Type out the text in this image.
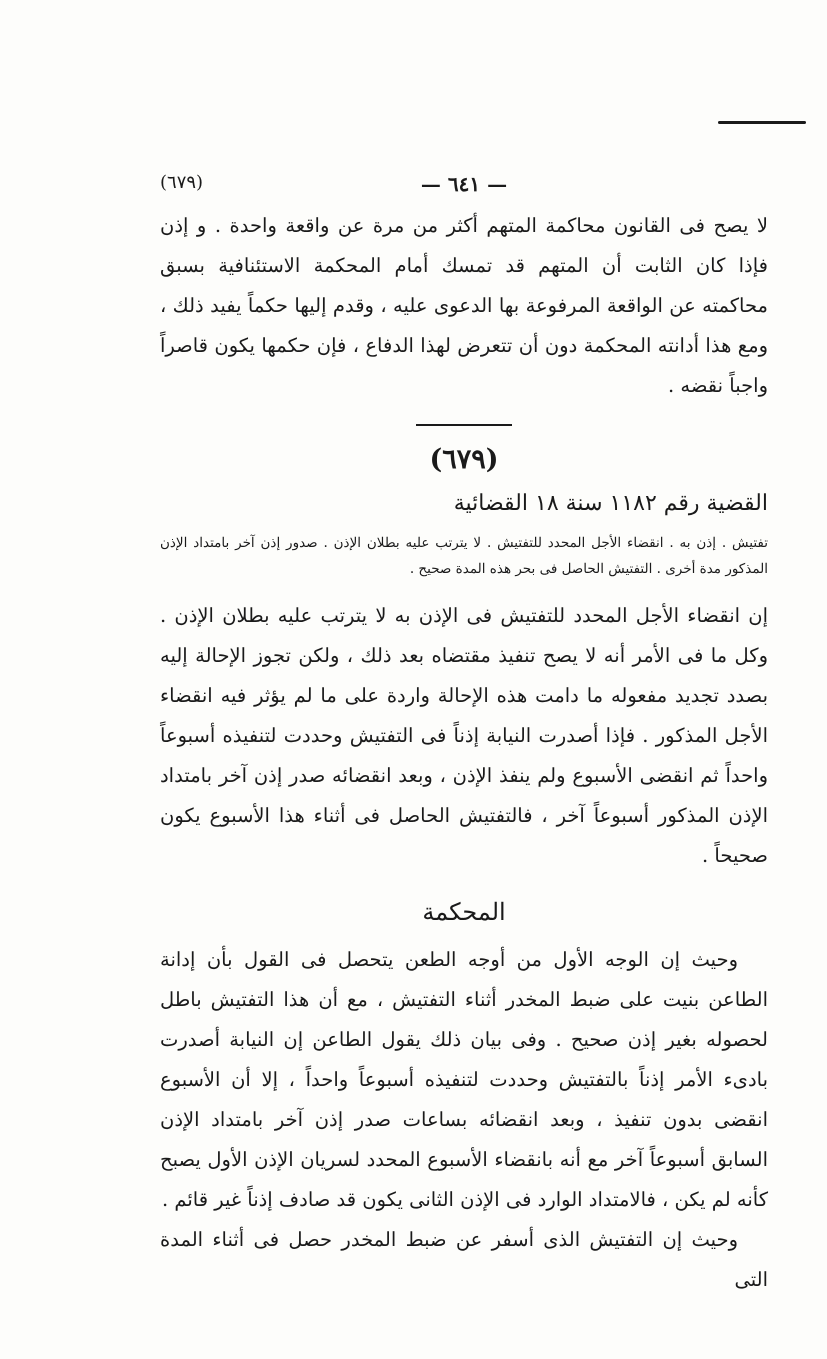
— ٦٤١ —
(٦٧٩)

لا يصح فى القانون محاكمة المتهم أكثر من مرة عن واقعة واحدة . و إذن فإذا كان الثابت أن المتهم قد تمسك أمام المحكمة الاستئنافية بسبق محاكمته عن الواقعة المرفوعة بها الدعوى عليه ، وقدم إليها حكماً يفيد ذلك ، ومع هذا أدانته المحكمة دون أن تتعرض لهذا الدفاع ، فإن حكمها يكون قاصراً واجباً نقضه .

(٦٧٩)
القضية رقم ١١٨٢ سنة ١٨ القضائية

تفتيش . إذن به . انقضاء الأجل المحدد للتفتيش . لا يترتب عليه بطلان الإذن . صدور إذن آخر بامتداد الإذن المذكور مدة أخرى . التفتيش الحاصل فى بحر هذه المدة صحيح .

إن انقضاء الأجل المحدد للتفتيش فى الإذن به لا يترتب عليه بطلان الإذن . وكل ما فى الأمر أنه لا يصح تنفيذ مقتضاه بعد ذلك ، ولكن تجوز الإحالة إليه بصدد تجديد مفعوله ما دامت هذه الإحالة واردة على ما لم يؤثر فيه انقضاء الأجل المذكور . فإذا أصدرت النيابة إذناً فى التفتيش وحددت لتنفيذه أسبوعاً واحداً ثم انقضى الأسبوع ولم ينفذ الإذن ، وبعد انقضائه صدر إذن آخر بامتداد الإذن المذكور أسبوعاً آخر ، فالتفتيش الحاصل فى أثناء هذا الأسبوع يكون صحيحاً .

المحكمة

وحيث إن الوجه الأول من أوجه الطعن يتحصل فى القول بأن إدانة الطاعن بنيت على ضبط المخدر أثناء التفتيش ، مع أن هذا التفتيش باطل لحصوله بغير إذن صحيح . وفى بيان ذلك يقول الطاعن إن النيابة أصدرت بادىء الأمر إذناً بالتفتيش وحددت لتنفيذه أسبوعاً واحداً ، إلا أن الأسبوع انقضى بدون تنفيذ ، وبعد انقضائه بساعات صدر إذن آخر بامتداد الإذن السابق أسبوعاً آخر مع أنه بانقضاء الأسبوع المحدد لسريان الإذن الأول يصبح كأنه لم يكن ، فالامتداد الوارد فى الإذن الثانى يكون قد صادف إذناً غير قائم .

وحيث إن التفتيش الذى أسفر عن ضبط المخدر حصل فى أثناء المدة التى
